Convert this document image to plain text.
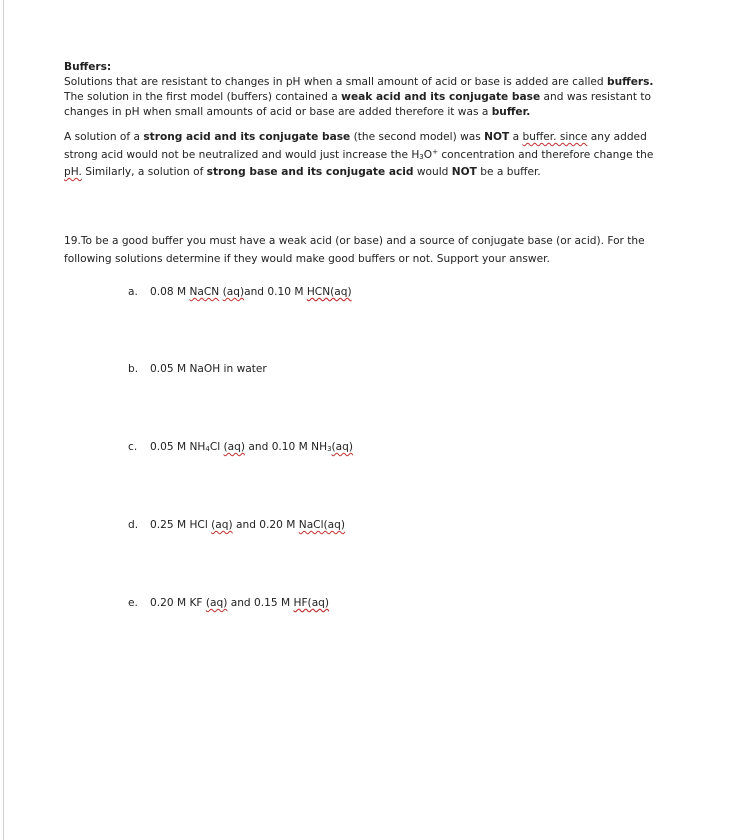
Buffers:

Solutions that are resistant to changes in pH when a small amount of acid or base is added are called buffers. The solution in the first model (buffers) contained a weak acid and its conjugate base and was resistant to changes in pH when small amounts of acid or base are added therefore it was a buffer.

A solution of a strong acid and its conjugate base (the second model) was NOT a buffer. since any added strong acid would not be neutralized and would just increase the H3O+ concentration and therefore change the pH. Similarly, a solution of strong base and its conjugate acid would NOT be a buffer.

19.To be a good buffer you must have a weak acid (or base) and a source of conjugate base (or acid). For the following solutions determine if they would make good buffers or not. Support your answer.
a. 0.08 M NaCN (aq)and 0.10 M HCN(aq)
b. 0.05 M NaOH in water
c. 0.05 M NH4Cl (aq) and 0.10 M NH3(aq)
d. 0.25 M HCl (aq) and 0.20 M NaCl(aq)
e. 0.20 M KF (aq) and 0.15 M HF(aq)
